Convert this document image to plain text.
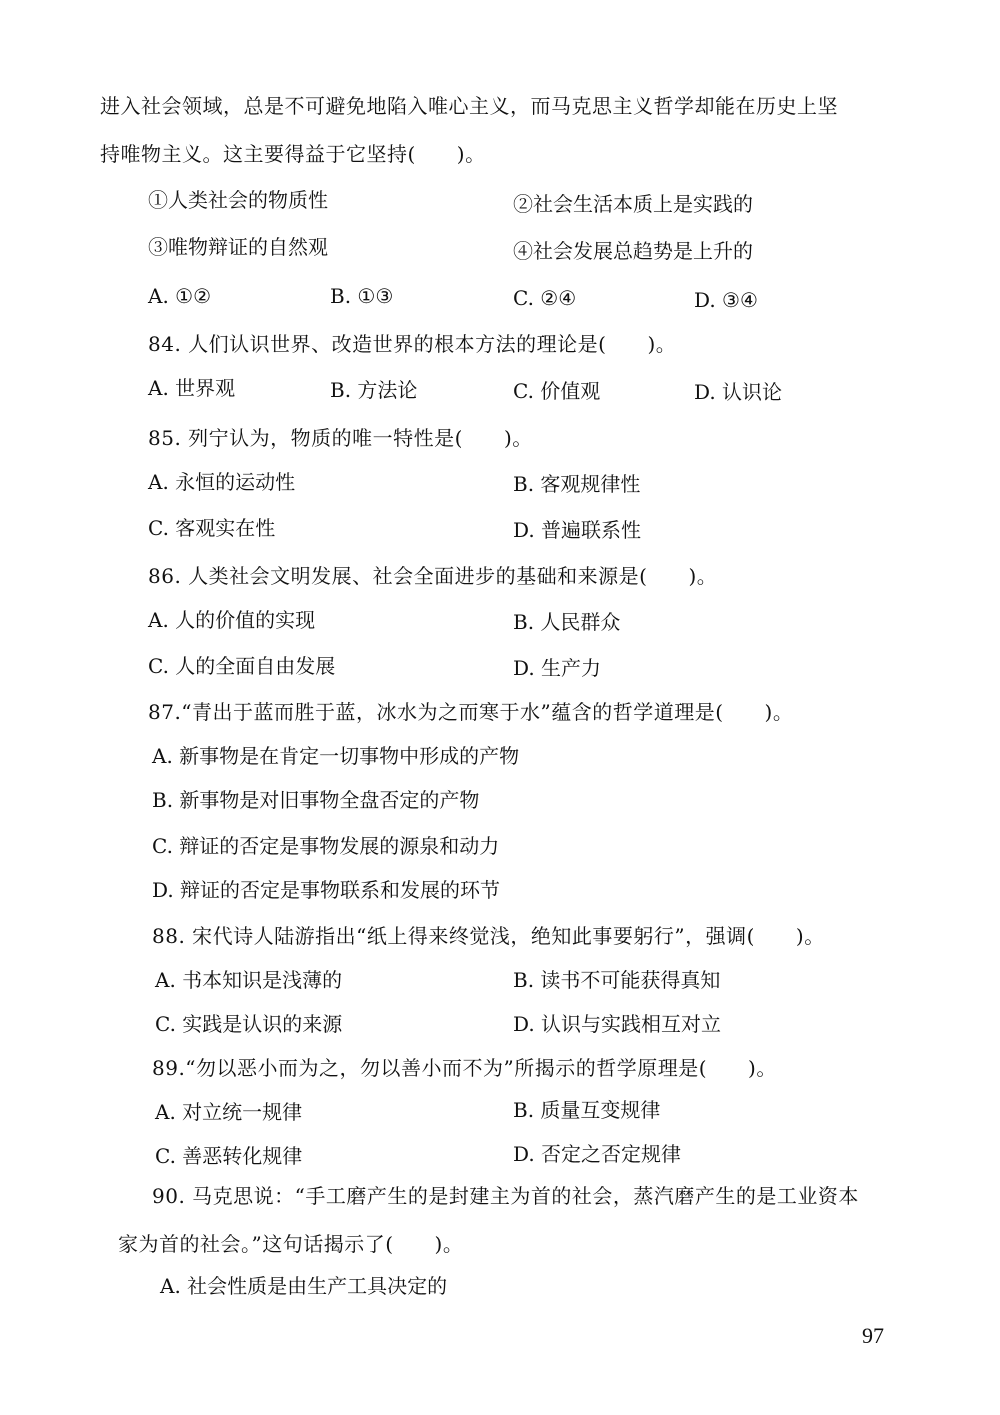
进入社会领域，总是不可避免地陷入唯心主义，而马克思主义哲学却能在历史上坚
持唯物主义。这主要得益于它坚持(　　)。
①人类社会的物质性	②社会生活本质上是实践的
③唯物辩证的自然观	④社会发展总趋势是上升的
A. ①②	B. ①③	C. ②④	D. ③④
84. 人们认识世界、改造世界的根本方法的理论是(　　)。
A. 世界观	B. 方法论	C. 价值观	D. 认识论
85. 列宁认为，物质的唯一特性是(　　)。
A. 永恒的运动性	B. 客观规律性
C. 客观实在性	D. 普遍联系性
86. 人类社会文明发展、社会全面进步的基础和来源是(　　)。
A. 人的价值的实现	B. 人民群众
C. 人的全面自由发展	D. 生产力
87.“青出于蓝而胜于蓝，冰水为之而寒于水”蕴含的哲学道理是(　　)。
A. 新事物是在肯定一切事物中形成的产物
B. 新事物是对旧事物全盘否定的产物
C. 辩证的否定是事物发展的源泉和动力
D. 辩证的否定是事物联系和发展的环节
88. 宋代诗人陆游指出“纸上得来终觉浅，绝知此事要躬行”，强调(　　)。
A. 书本知识是浅薄的	B. 读书不可能获得真知
C. 实践是认识的来源	D. 认识与实践相互对立
89.“勿以恶小而为之，勿以善小而不为”所揭示的哲学原理是(　　)。
A. 对立统一规律	B. 质量互变规律
C. 善恶转化规律	D. 否定之否定规律
90. 马克思说：“手工磨产生的是封建主为首的社会，蒸汽磨产生的是工业资本
家为首的社会。”这句话揭示了(　　)。
A. 社会性质是由生产工具决定的
97
